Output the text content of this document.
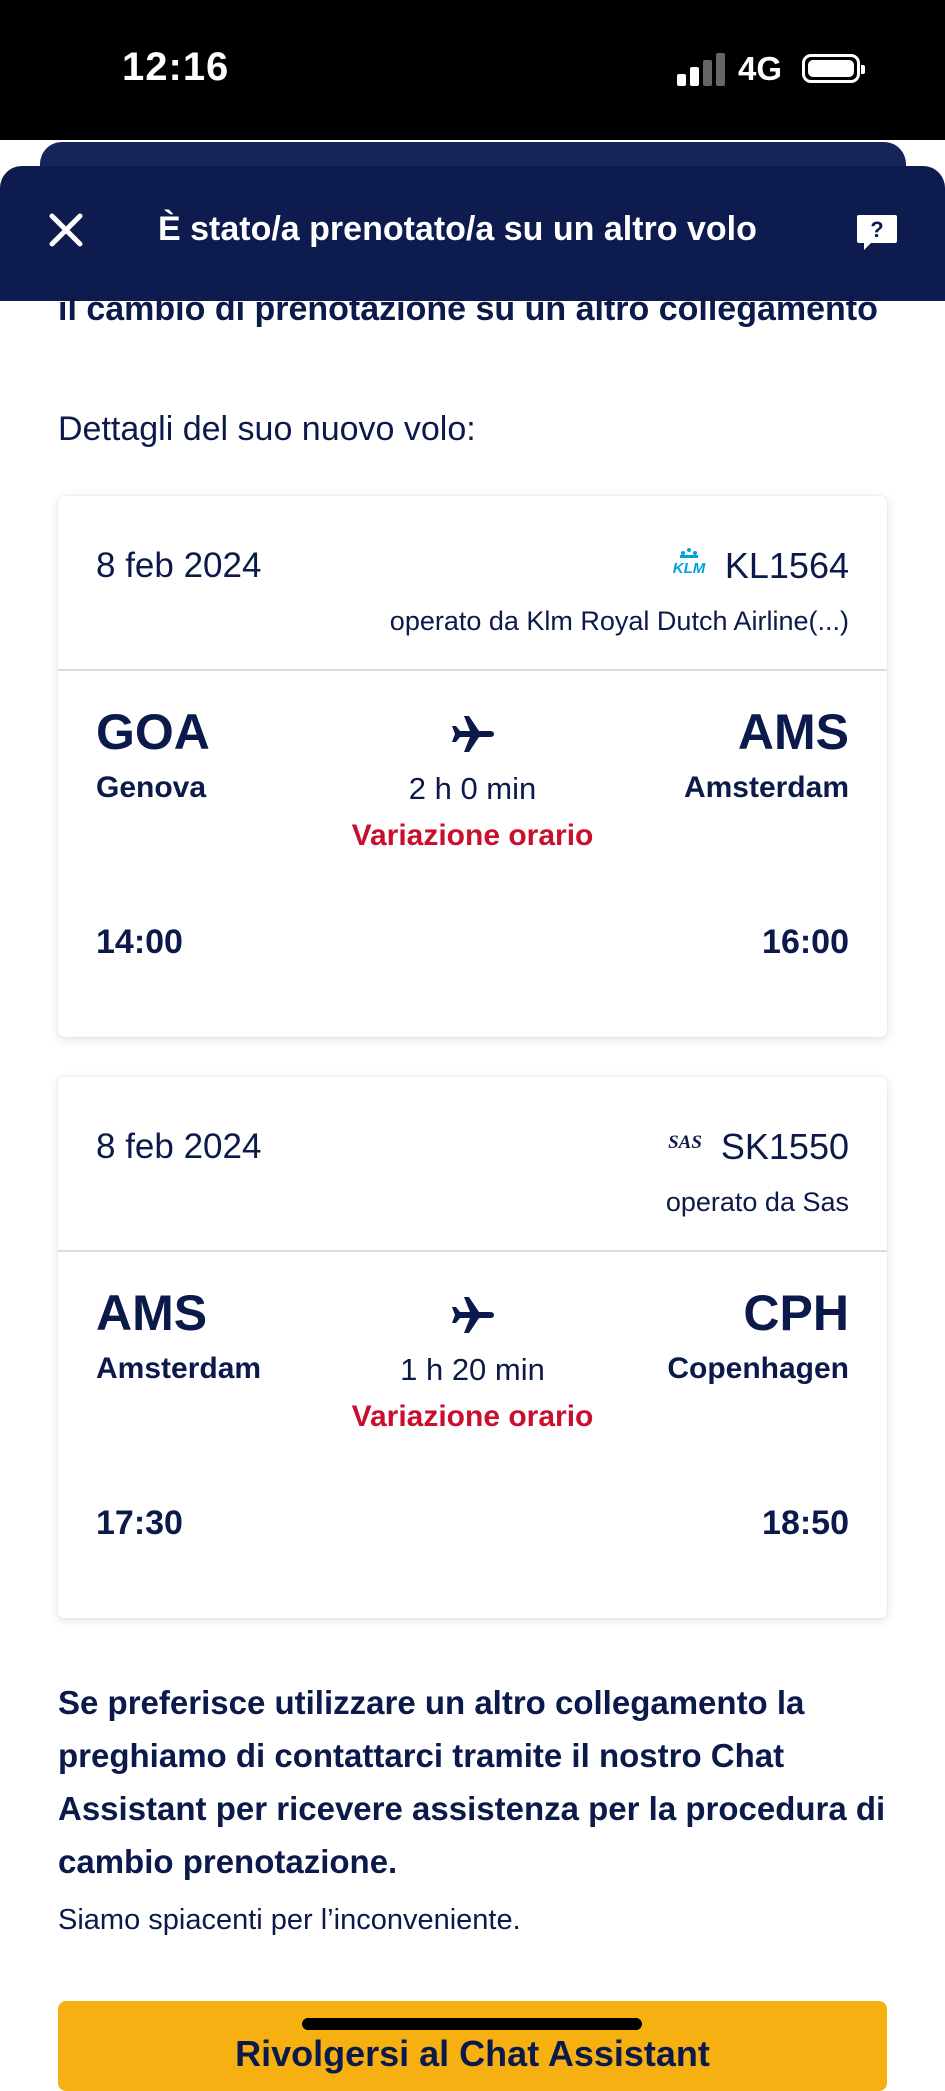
12:16	4G
È stato/a prenotato/a su un altro volo	?
il cambio di prenotazione su un altro collegamento
Dettagli del suo nuovo volo:
8 feb 2024	KLM KL1564
operato da Klm Royal Dutch Airline(...)
GOA	AMS
Genova	Amsterdam
2 h 0 min
Variazione orario
14:00	16:00
8 feb 2024	SAS SK1550
operato da Sas
AMS	CPH
Amsterdam	Copenhagen
1 h 20 min
Variazione orario
17:30	18:50
Se preferisce utilizzare un altro collegamento la preghiamo di contattarci tramite il nostro Chat Assistant per ricevere assistenza per la procedura di cambio prenotazione.
Siamo spiacenti per l’inconveniente.
Rivolgersi al Chat Assistant
